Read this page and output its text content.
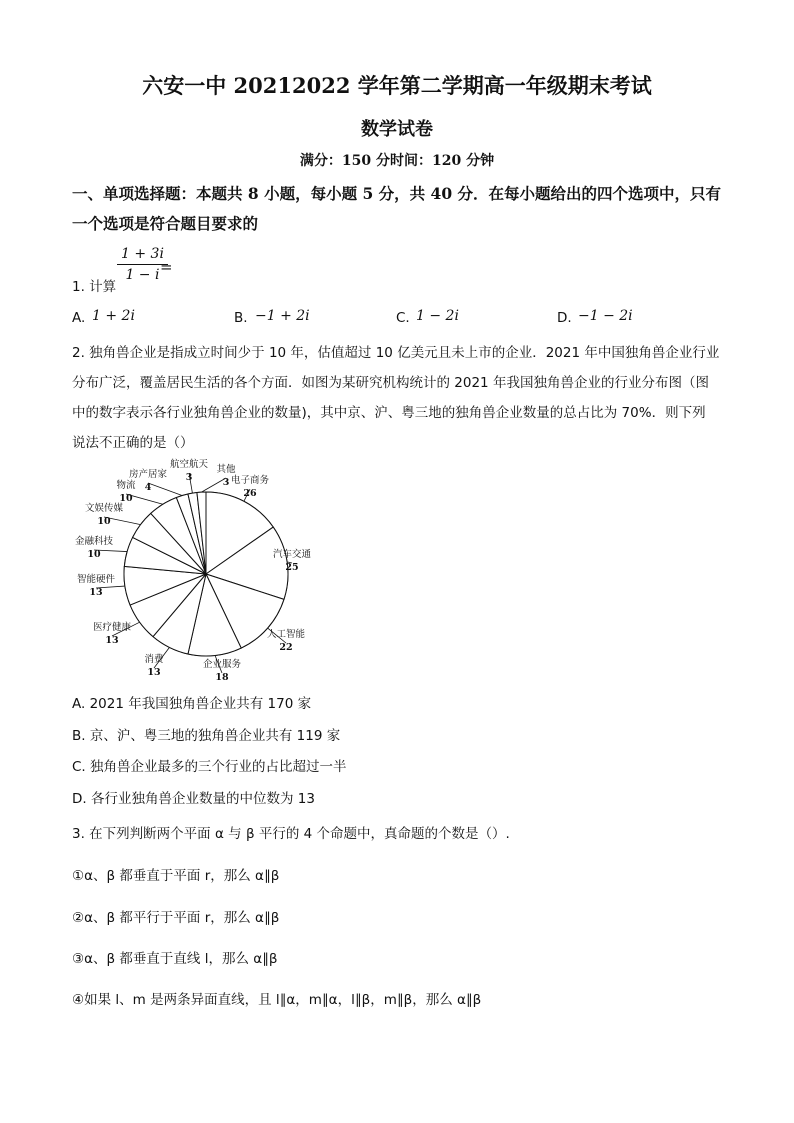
六安一中 20212022 学年第二学期高一年级期末考试
数学试卷
满分：150 分时间：120 分钟
一、单项选择题：本题共 8 小题，每小题 5 分，共 40 分．在每小题给出的四个选项中，只有
一个选项是符合题目要求的
1. 计算
$\frac{1 + 3i}{1 - i}$
=
A. 1 + 2i	B. −1 + 2i	C. 1 − 2i	D. −1 − 2i
2. 独角兽企业是指成立时间少于 10 年，估值超过 10 亿美元且未上市的企业．2021 年中国独角兽企业行业
分布广泛，覆盖居民生活的各个方面．如图为某研究机构统计的 2021 年我国独角兽企业的行业分布图（图
中的数字表示各行业独角兽企业的数量)，其中京、沪、粤三地的独角兽企业数量的总占比为 70%．则下列
说法不正确的是（）
电子商务
26
汽车交通
25
人工智能
22
企业服务
18
消费
13
医疗健康
13
智能硬件
13
金融科技
10
文娱传媒
10
物流
10
房产居家
4
航空航天
3
其他
3
A. 2021 年我国独角兽企业共有 170 家
B. 京、沪、粤三地的独角兽企业共有 119 家
C. 独角兽企业最多的三个行业的占比超过一半
D. 各行业独角兽企业数量的中位数为 13
3. 在下列判断两个平面 α 与 β 平行的 4 个命题中，真命题的个数是（）.
①α、β 都垂直于平面 r，那么 α∥β
②α、β 都平行于平面 r，那么 α∥β
③α、β 都垂直于直线 l，那么 α∥β
④如果 l、m 是两条异面直线，且 l∥α，m∥α，l∥β，m∥β，那么 α∥β
